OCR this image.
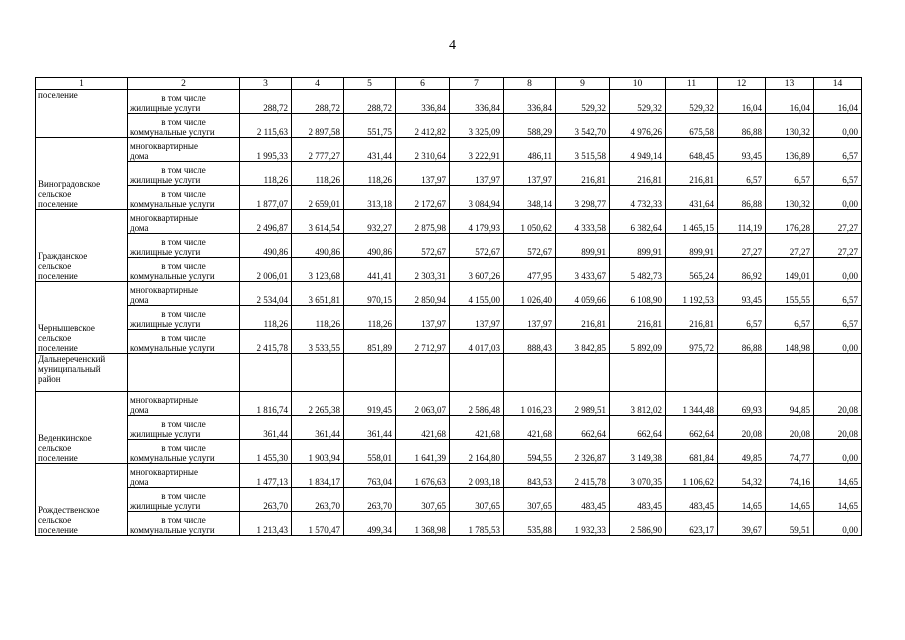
4
1	2	3	4	5	6	7	8	9	10	11	12	13	14

поселение	в том числе
жилищные услуги	288,72	288,72	288,72	336,84	336,84	336,84	529,32	529,32	529,32	16,04	16,04	16,04

	в том числе
коммунальные услуги	2 115,63	2 897,58	551,75	2 412,82	3 325,09	588,29	3 542,70	4 976,26	675,58	86,88	130,32	0,00

Виноградовское
сельское
поселение	многоквартирные
дома	1 995,33	2 777,27	431,44	2 310,64	3 222,91	486,11	3 515,58	4 949,14	648,45	93,45	136,89	6,57

	в том числе
жилищные услуги	118,26	118,26	118,26	137,97	137,97	137,97	216,81	216,81	216,81	6,57	6,57	6,57

	в том числе
коммунальные услуги	1 877,07	2 659,01	313,18	2 172,67	3 084,94	348,14	3 298,77	4 732,33	431,64	86,88	130,32	0,00

Гражданское
сельское
поселение	многоквартирные
дома	2 496,87	3 614,54	932,27	2 875,98	4 179,93	1 050,62	4 333,58	6 382,64	1 465,15	114,19	176,28	27,27

	в том числе
жилищные услуги	490,86	490,86	490,86	572,67	572,67	572,67	899,91	899,91	899,91	27,27	27,27	27,27

	в том числе
коммунальные услуги	2 006,01	3 123,68	441,41	2 303,31	3 607,26	477,95	3 433,67	5 482,73	565,24	86,92	149,01	0,00

Чернышевское
сельское
поселение	многоквартирные
дома	2 534,04	3 651,81	970,15	2 850,94	4 155,00	1 026,40	4 059,66	6 108,90	1 192,53	93,45	155,55	6,57

	в том числе
жилищные услуги	118,26	118,26	118,26	137,97	137,97	137,97	216,81	216,81	216,81	6,57	6,57	6,57

	в том числе
коммунальные услуги	2 415,78	3 533,55	851,89	2 712,97	4 017,03	888,43	3 842,85	5 892,09	975,72	86,88	148,98	0,00

Дальнереченский
муниципальный
район													

Веденкинское
сельское
поселение	многоквартирные
дома	1 816,74	2 265,38	919,45	2 063,07	2 586,48	1 016,23	2 989,51	3 812,02	1 344,48	69,93	94,85	20,08

	в том числе
жилищные услуги	361,44	361,44	361,44	421,68	421,68	421,68	662,64	662,64	662,64	20,08	20,08	20,08

	в том числе
коммунальные услуги	1 455,30	1 903,94	558,01	1 641,39	2 164,80	594,55	2 326,87	3 149,38	681,84	49,85	74,77	0,00

Рождественское
сельское
поселение	многоквартирные
дома	1 477,13	1 834,17	763,04	1 676,63	2 093,18	843,53	2 415,78	3 070,35	1 106,62	54,32	74,16	14,65

	в том числе
жилищные услуги	263,70	263,70	263,70	307,65	307,65	307,65	483,45	483,45	483,45	14,65	14,65	14,65

	в том числе
коммунальные услуги	1 213,43	1 570,47	499,34	1 368,98	1 785,53	535,88	1 932,33	2 586,90	623,17	39,67	59,51	0,00
